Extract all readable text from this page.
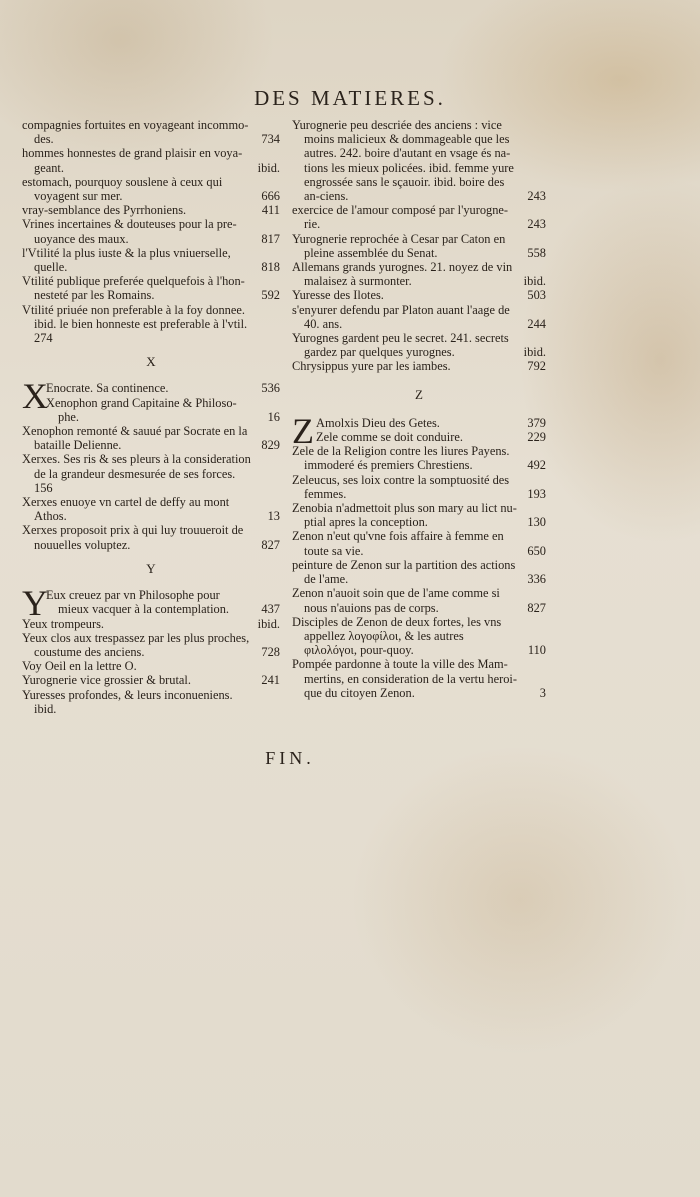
DES MATIERES.
compagnies fortuites en voyageant incommo-des.	734
hommes honnestes de grand plaisir en voya-geant.	ibid.
estomach, pourquoy souslene à ceux qui voyagent sur mer.	666
vray-semblance des Pyrrhoniens.	411
Vrines incertaines & douteuses pour la pre-uoyance des maux.	817
l'Vtilité la plus iuste & la plus vniuerselle, quelle.	818
Vtilité publique preferée quelquefois à l'hon-nesteté par les Romains.	592
Vtilité priuée non preferable à la foy donnee. ibid. le bien honneste est preferable à l'vtil. 274
X
X
Enocrate. Sa continence.	536
Xenophon grand Capitaine & Philoso-phe.	16
Xenophon remonté & sauué par Socrate en la bataille Delienne.	829
Xerxes. Ses ris & ses pleurs à la consideration de la grandeur desmesurée de ses forces. 156
Xerxes enuoye vn cartel de deffy au mont Athos.	13
Xerxes proposoit prix à qui luy trouueroit de nouuelles voluptez.	827
Y
Y
Eux creuez par vn Philosophe pour mieux vacquer à la contemplation.	437
Yeux trompeurs.	ibid.
Yeux clos aux trespassez par les plus proches, coustume des anciens.	728
Voy Oeil en la lettre O.
Yurognerie vice grossier & brutal.	241
Yuresses profondes, & leurs inconueniens. ibid.
Yurognerie peu descriée des anciens : vice moins malicieux & dommageable que les autres. 242. boire d'autant en vsage és na-tions les mieux policées. ibid. femme yure engrossée sans le sçauoir. ibid. boire des an-ciens.	243
exercice de l'amour composé par l'yurogne-rie.	243
Yurognerie reprochée à Cesar par Caton en pleine assemblée du Senat.	558
Allemans grands yurognes. 21. noyez de vin malaisez à surmonter.	ibid.
Yuresse des Ilotes.	503
s'enyurer defendu par Platon auant l'aage de 40. ans.	244
Yurognes gardent peu le secret. 241. secrets gardez par quelques yurognes.	ibid.
Chrysippus yure par les iambes.	792
Z
Z Amolxis Dieu des Getes.	379
Zele comme se doit conduire.	229
Zele de la Religion contre les liures Payens. immoderé és premiers Chrestiens.	492
Zeleucus, ses loix contre la somptuosité des femmes.	193
Zenobia n'admettoit plus son mary au lict nu-ptial apres la conception.	130
Zenon n'eut qu'vne fois affaire à femme en toute sa vie.	650
peinture de Zenon sur la partition des actions de l'ame.	336
Zenon n'auoit soin que de l'ame comme si nous n'auions pas de corps.	827
Disciples de Zenon de deux fortes, les vns appellez λογοφίλοι, & les autres φιλολόγοι, pour-quoy.	110
Pompée pardonne à toute la ville des Mam-mertins, en consideration de la vertu heroi-que du citoyen Zenon.	3
FIN.
